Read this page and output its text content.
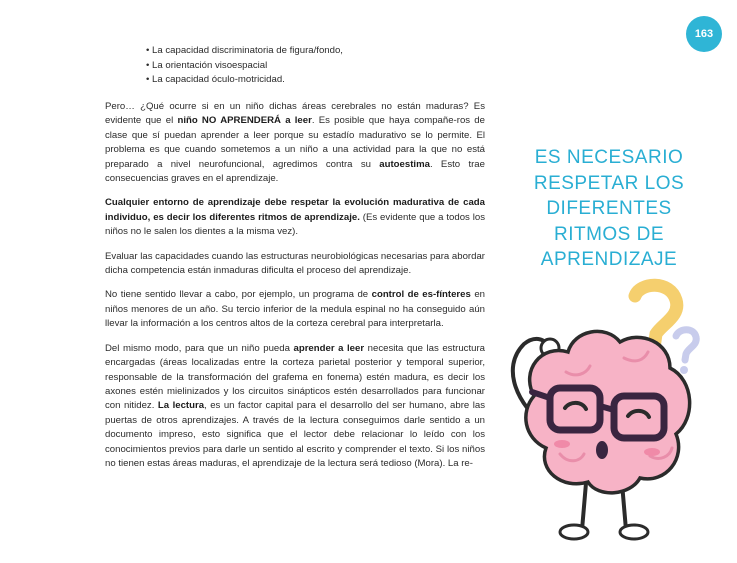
163
• La capacidad discriminatoria de figura/fondo,
• La orientación visoespacial
• La capacidad óculo-motricidad.

Pero… ¿Qué ocurre si en un niño dichas áreas cerebrales no están maduras? Es evidente que el niño NO APRENDERÁ a leer. Es posible que haya compañe-ros de clase que sí puedan aprender a leer porque su estadío madurativo se lo permite. El problema es que cuando sometemos a un niño a una actividad para la que no está preparado a nivel neurofuncional, agredimos contra su autoestima. Esto trae consecuencias graves en el aprendizaje.

Cualquier entorno de aprendizaje debe respetar la evolución madurativa de cada individuo, es decir los diferentes ritmos de aprendizaje. (Es evidente que a todos los niños no le salen los dientes a la misma vez).

Evaluar las capacidades cuando las estructuras neurobiológicas necesarias para abordar dicha competencia están inmaduras dificulta el proceso del aprendizaje.

No tiene sentido llevar a cabo, por ejemplo, un programa de control de es-fínteres en niños menores de un año. Su tercio inferior de la medula espinal no ha conseguido aún llevar la información a los centros altos de la corteza cerebral para interpretarla.

Del mismo modo, para que un niño pueda aprender a leer necesita que las estructura encargadas (áreas localizadas entre la corteza parietal posterior y temporal superior, responsable de la transformación del grafema en fonema) estén madura, es decir los axones estén mielinizados y los circuitos sinápticos estén desarrollados para funcionar con nitidez. La lectura, es un factor capital para el desarrollo del ser humano, abre las puertas de otros aprendizajes. A través de la lectura conseguimos darle sentido a un documento impreso, esto significa que el lector debe relacionar lo leído con los conocimientos previos para darle un sentido al escrito y comprender el texto. Si los niños no tienen estas áreas maduras, el aprendizaje de la lectura será tedioso (Mora). La re-

ES NECESARIO
RESPETAR LOS
DIFERENTES
RITMOS DE
APRENDIZAJE
